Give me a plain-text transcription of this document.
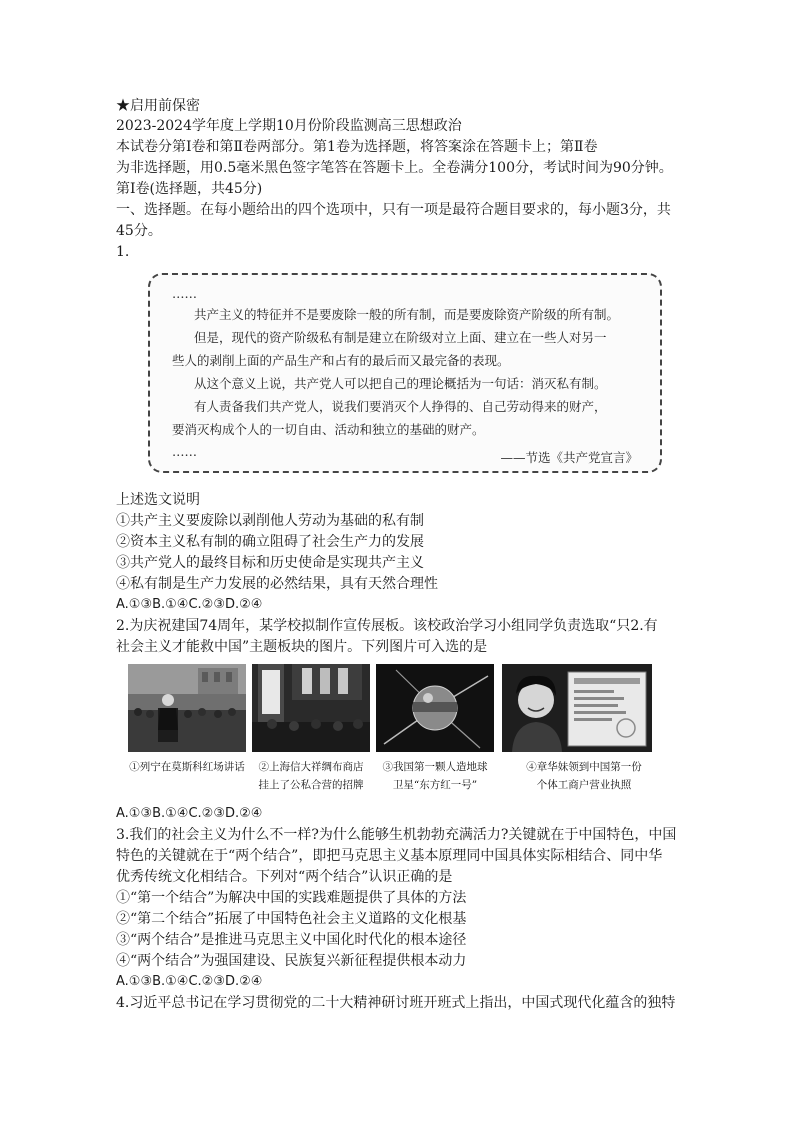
★启用前保密
2023-2024学年度上学期10月份阶段监测高三思想政治
本试卷分第Ⅰ卷和第Ⅱ卷两部分。第1卷为选择题，将答案涂在答题卡上；第Ⅱ卷
为非选择题，用0.5毫米黑色签字笔答在答题卡上。全卷满分100分，考试时间为90分钟。
第Ⅰ卷(选择题，共45分)
一、选择题。在每小题给出的四个选项中，只有一项是最符合题目要求的，每小题3分，共
45分。
1.
……
共产主义的特征并不是要废除一般的所有制，而是要废除资产阶级的所有制。
但是，现代的资产阶级私有制是建立在阶级对立上面、建立在一些人对另一
些人的剥削上面的产品生产和占有的最后而又最完备的表现。
从这个意义上说，共产党人可以把自己的理论概括为一句话：消灭私有制。
有人责备我们共产党人，说我们要消灭个人挣得的、自己劳动得来的财产，
要消灭构成个人的一切自由、活动和独立的基础的财产。
……	——节选《共产党宣言》
上述选文说明
①共产主义要废除以剥削他人劳动为基础的私有制
②资本主义私有制的确立阻碍了社会生产力的发展
③共产党人的最终目标和历史使命是实现共产主义
④私有制是生产力发展的必然结果，具有天然合理性
A.①③B.①④C.②③D.②④
2.为庆祝建国74周年，某学校拟制作宣传展板。该校政治学习小组同学负责选取“只2.有
社会主义才能救中国”主题板块的图片。下列图片可入选的是
①列宁在莫斯科红场讲话	②上海信大祥绸布商店
挂上了公私合营的招牌
③我国第一颗人造地球
卫星“东方红一号”
④章华妹领到中国第一份
个体工商户营业执照
A.①③B.①④C.②③D.②④
3.我们的社会主义为什么不一样?为什么能够生机勃勃充满活力?关键就在于中国特色，中国
特色的关键就在于“两个结合”，即把马克思主义基本原理同中国具体实际相结合、同中华
优秀传统文化相结合。下列对“两个结合”认识正确的是
①“第一个结合”为解决中国的实践难题提供了具体的方法
②“第二个结合”拓展了中国特色社会主义道路的文化根基
③“两个结合”是推进马克思主义中国化时代化的根本途径
④“两个结合”为强国建设、民族复兴新征程提供根本动力
A.①③B.①④C.②③D.②④
4.习近平总书记在学习贯彻党的二十大精神研讨班开班式上指出，中国式现代化蕴含的独特
